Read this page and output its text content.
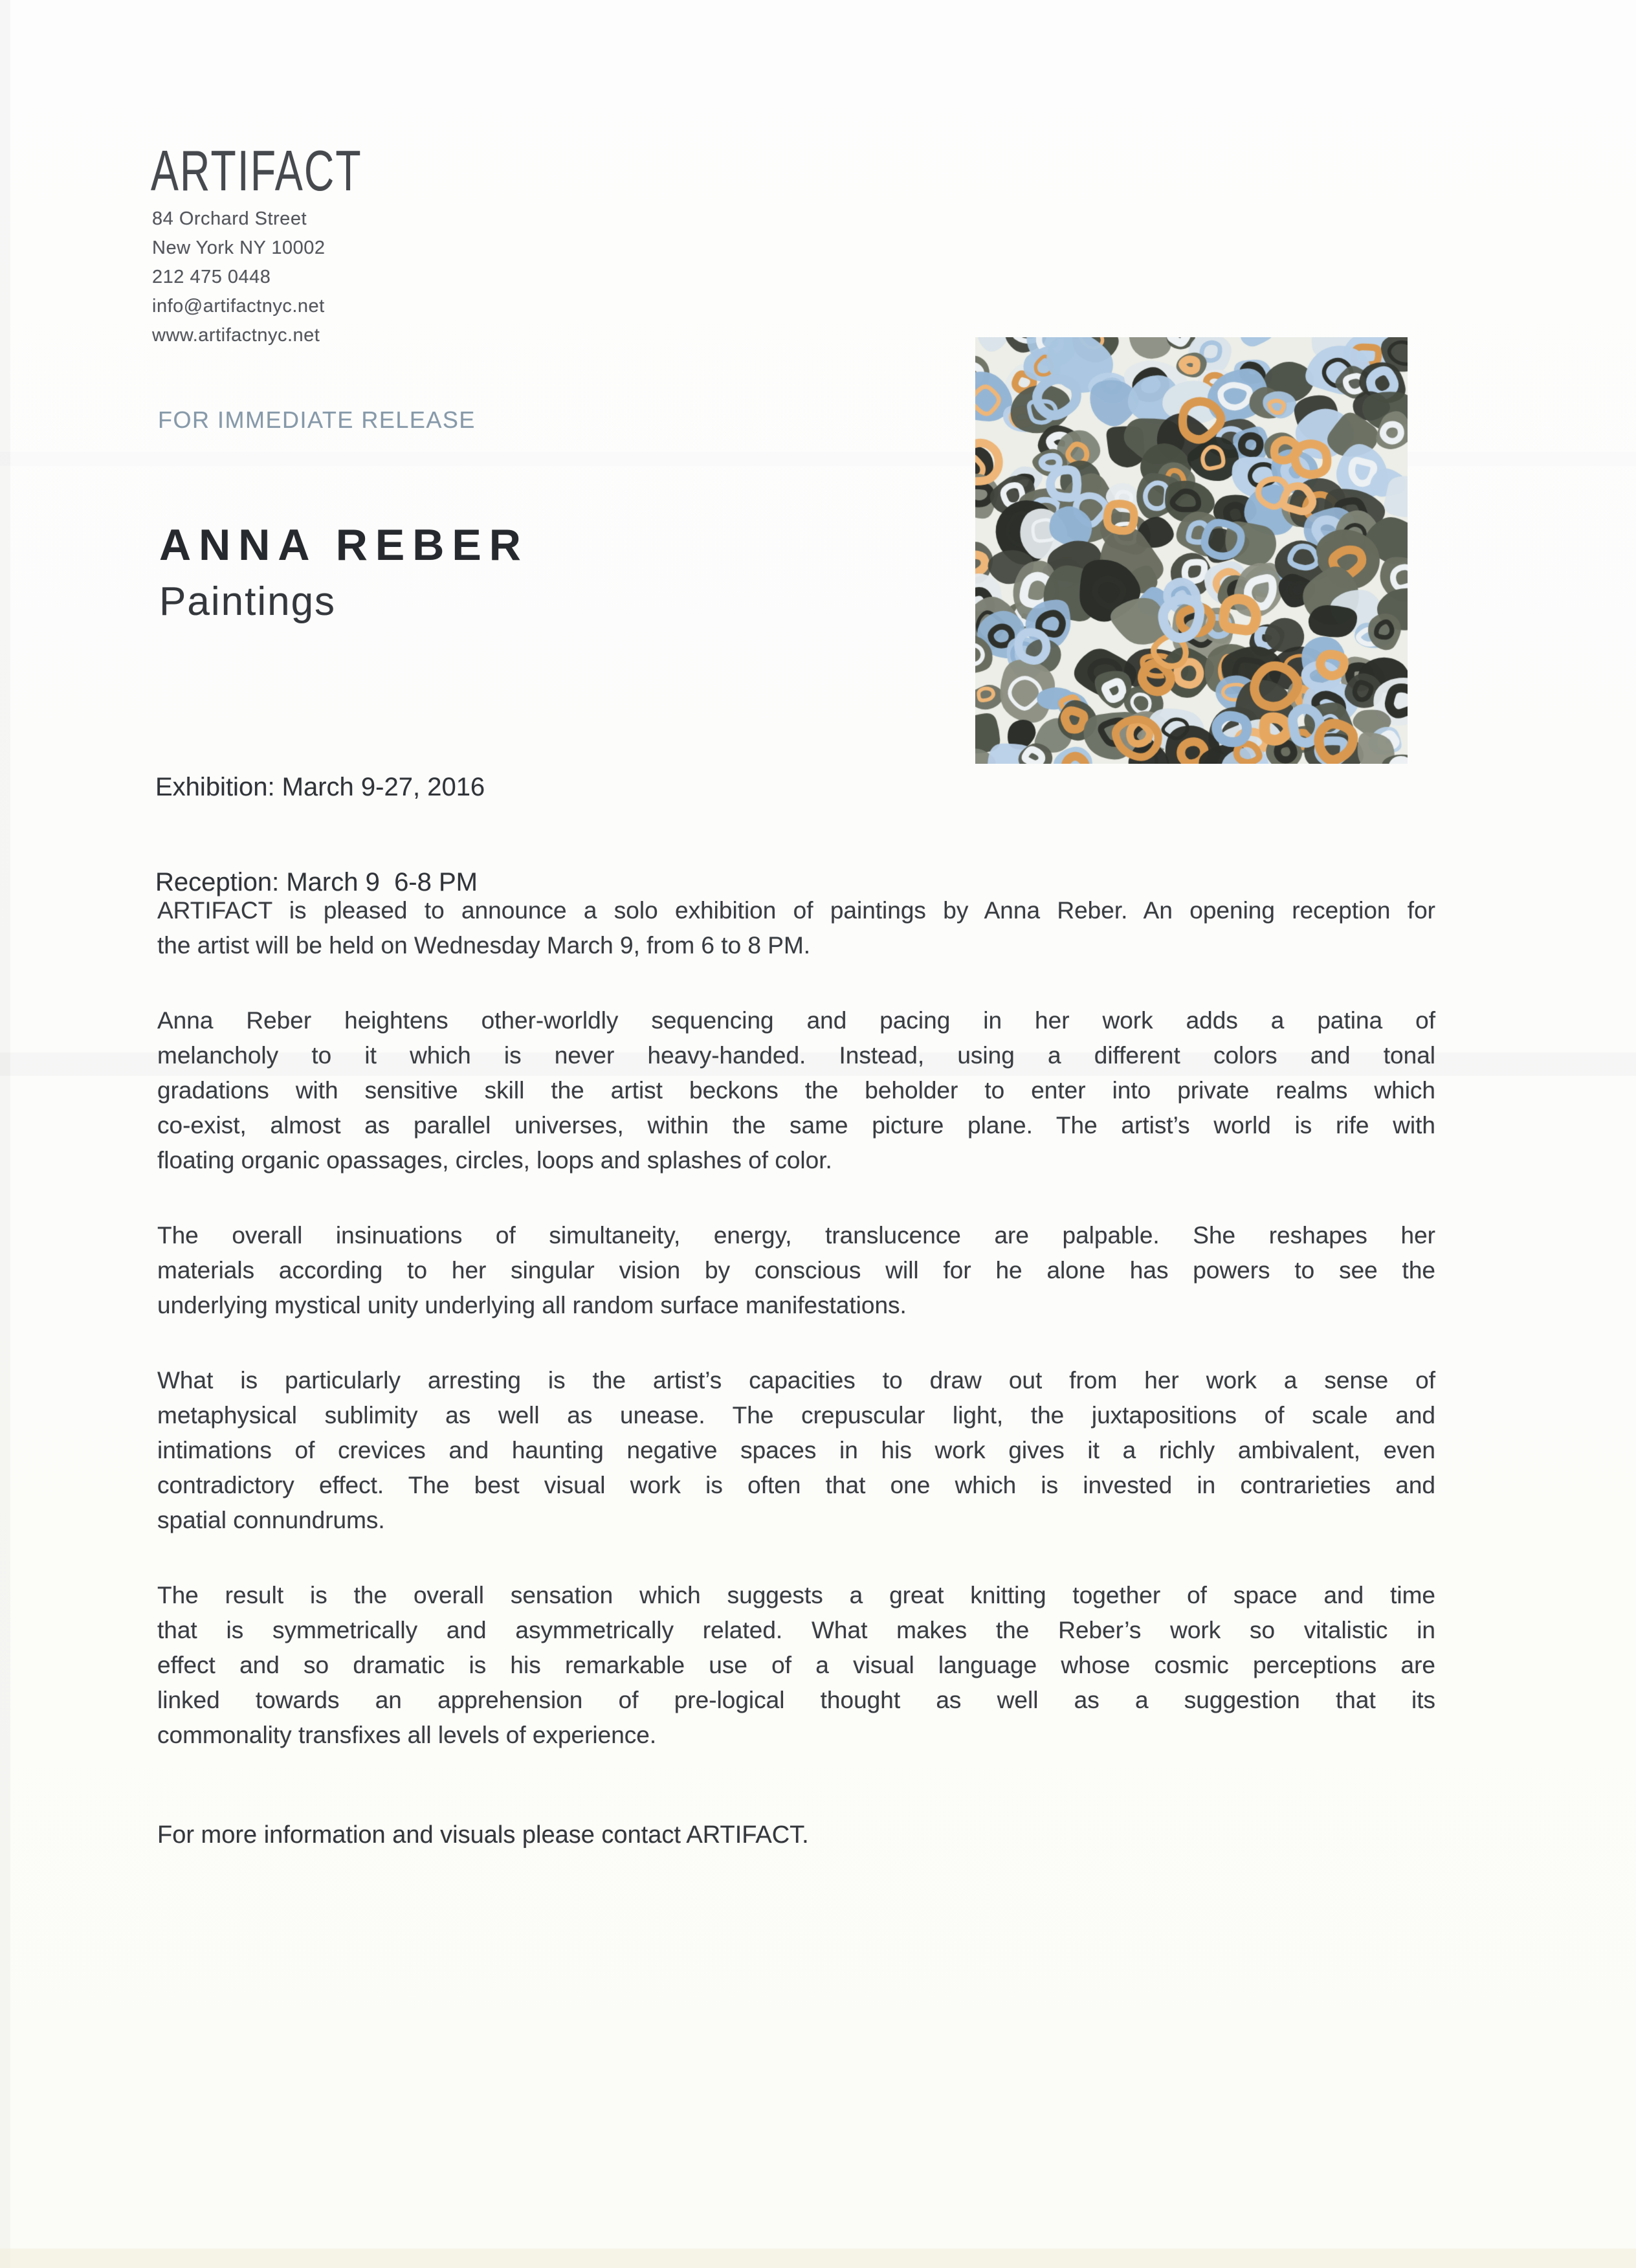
ARTIFACT
84 Orchard Street
New York NY 10002
212 475 0448
info@artifactnyc.net
www.artifactnyc.net
FOR IMMEDIATE RELEASE
ANNA REBER
Paintings

Exhibition: March 9-27, 2016

Reception: March 9  6-8 PM

ARTIFACT is pleased to announce a solo exhibition of paintings by Anna Reber. An opening reception for
the artist will be held on Wednesday March 9, from 6 to 8 PM.

Anna Reber heightens other-worldly sequencing and pacing in her work adds a patina of
melancholy to it which is never heavy-handed. Instead, using a different colors and tonal
gradations with sensitive skill the artist beckons the beholder to enter into private realms which
co-exist, almost as parallel universes, within the same picture plane. The artist’s world is rife with
floating organic opassages, circles, loops and splashes of color.

The overall insinuations of simultaneity, energy, translucence are palpable. She reshapes her
materials according to her singular vision by conscious will for he alone has powers to see the
underlying mystical unity underlying all random surface manifestations.

What is particularly arresting is the artist’s capacities to draw out from her work a sense of
metaphysical sublimity as well as unease. The crepuscular light, the juxtapositions of scale and
intimations of crevices and haunting negative spaces in his work gives it a richly ambivalent, even
contradictory effect. The best visual work is often that one which is invested in contrarieties and
spatial connundrums.

The result is the overall sensation which suggests a great knitting together of space and time
that is symmetrically and asymmetrically related. What makes the Reber’s work so vitalistic in
effect and so dramatic is his remarkable use of a visual language whose cosmic perceptions are
linked towards an apprehension of pre-logical thought as well as a suggestion that its
commonality transfixes all levels of experience.

For more information and visuals please contact ARTIFACT.
